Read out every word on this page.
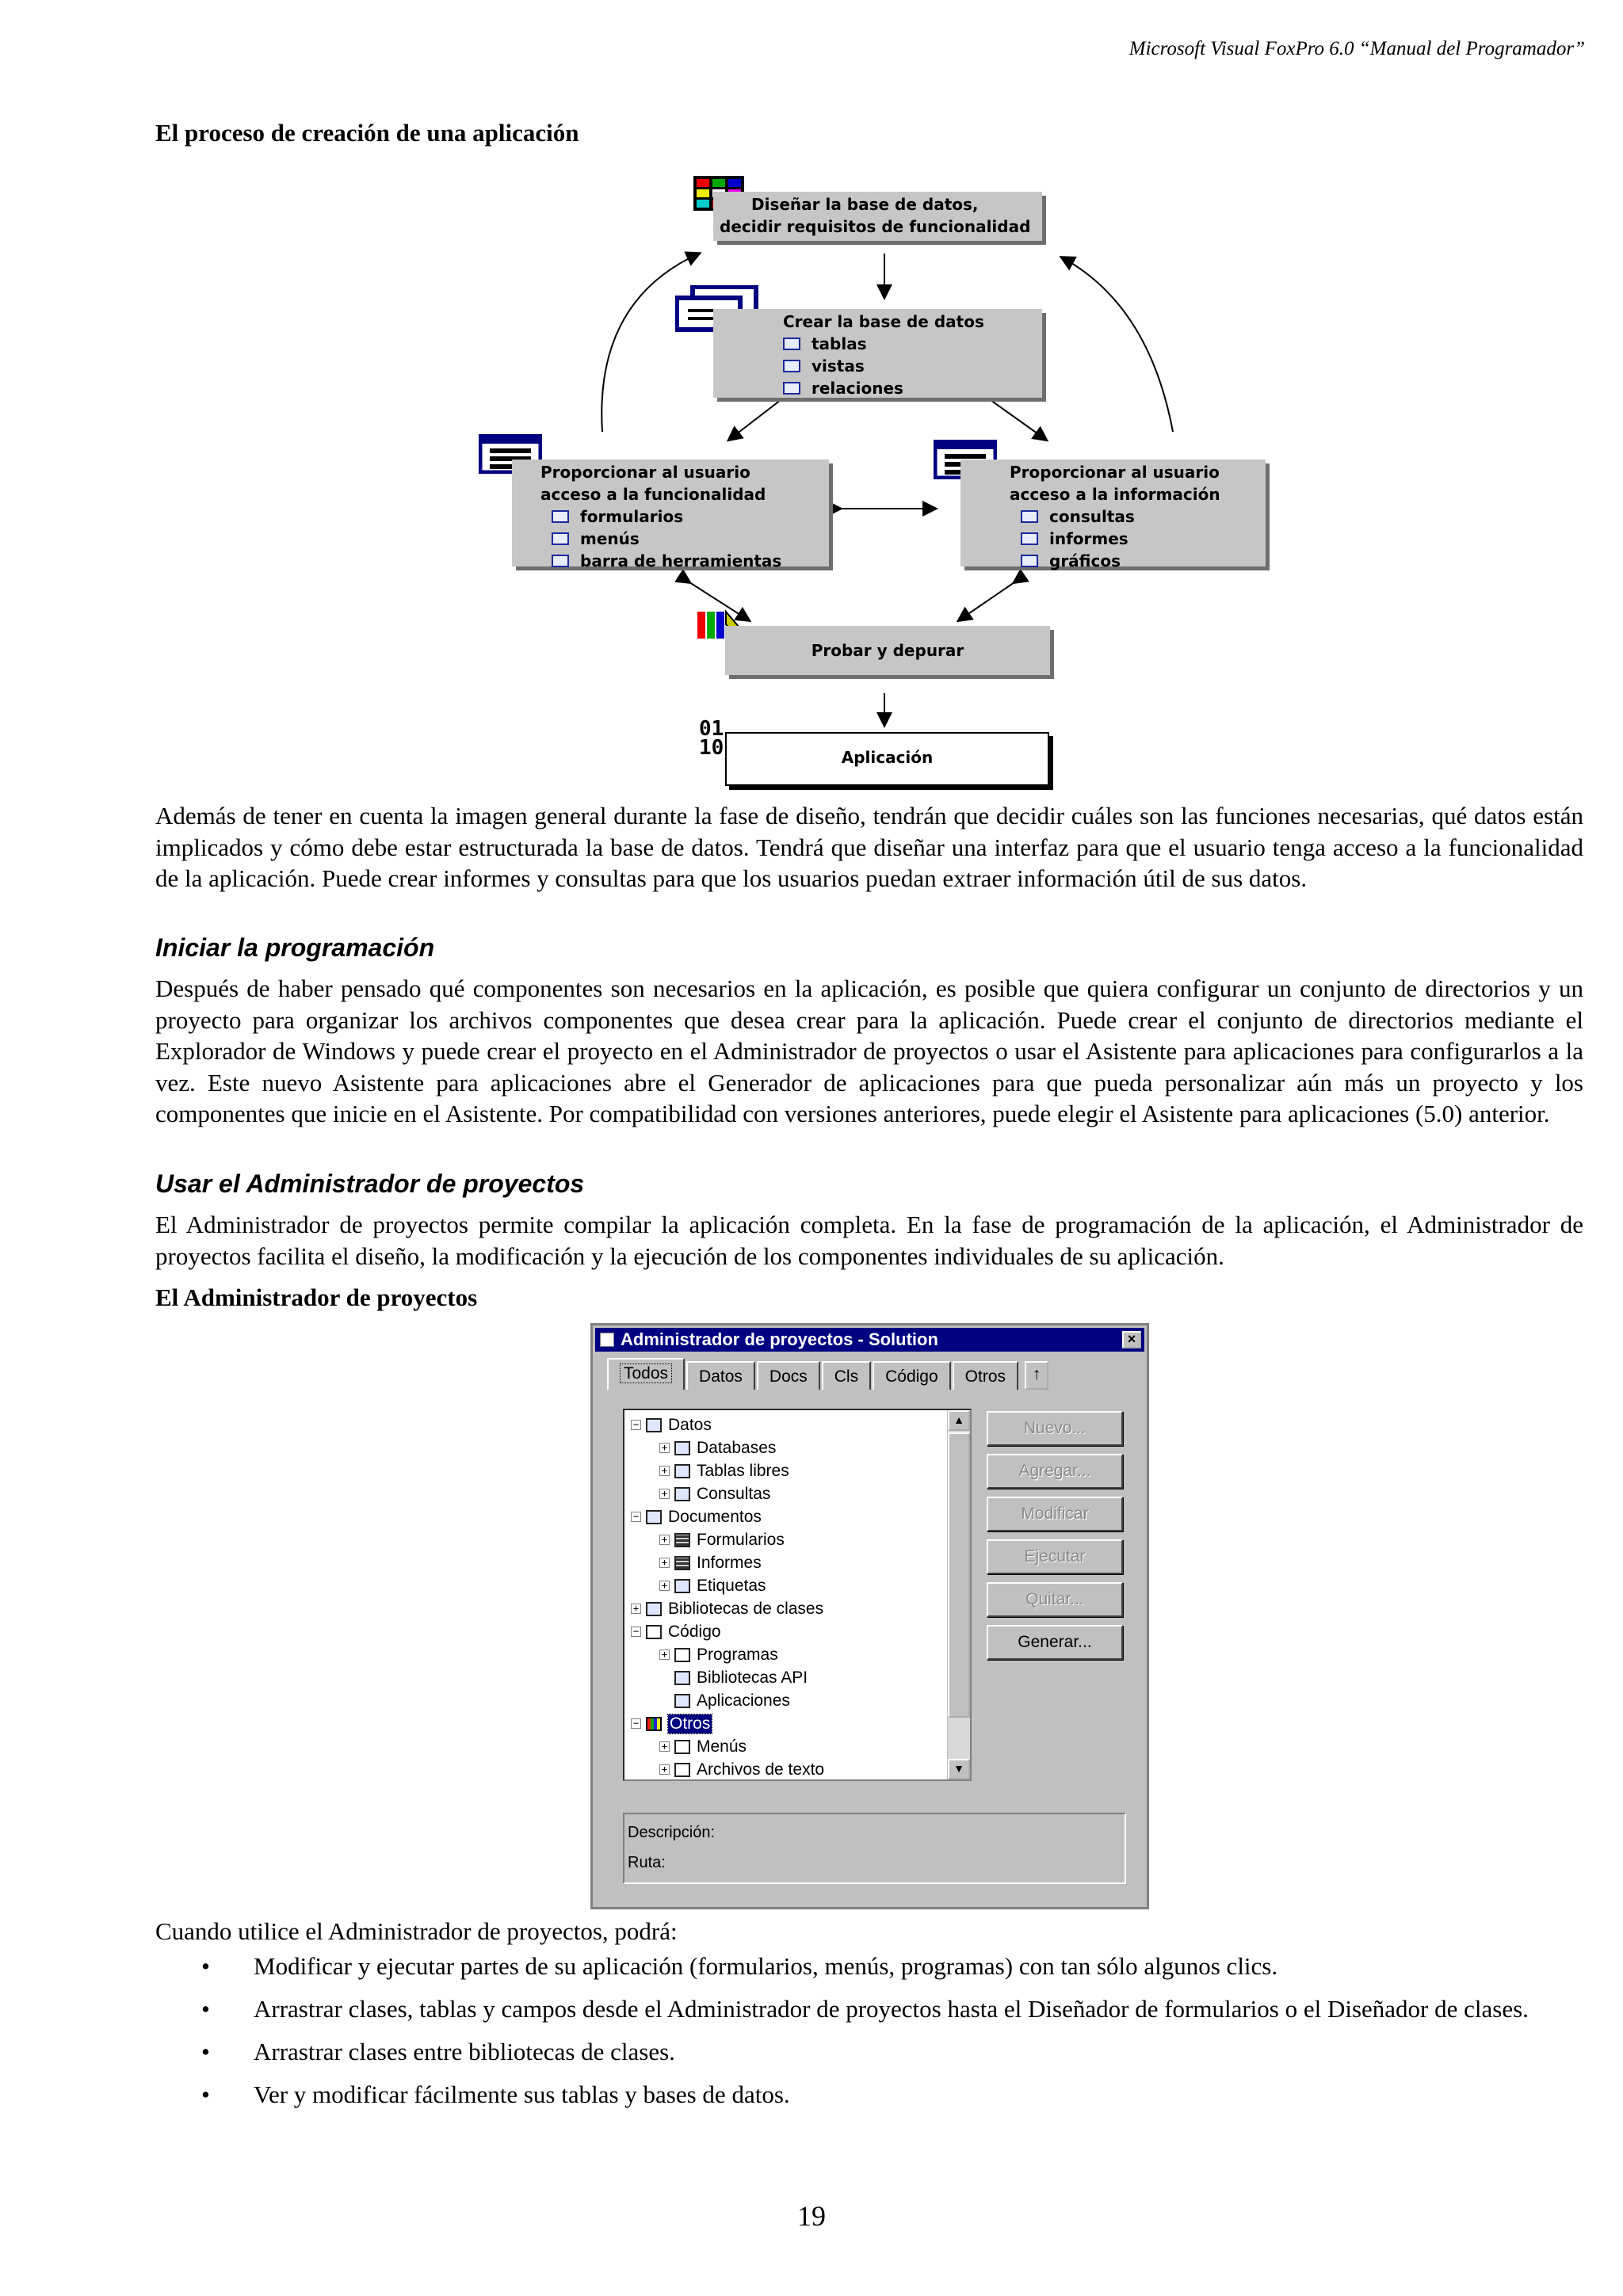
Microsoft Visual FoxPro 6.0 “Manual del Programador”
El proceso de creación de una aplicación
Diseñar la base de datos,
decidir requisitos de funcionalidad
Crear la base de datos
tablas
vistas
relaciones
Proporcionar al usuario
acceso a la funcionalidad
formularios
menús
barra de herramientas
Proporcionar al usuario
acceso a la información
consultas
informes
gráficos
Probar y depurar
01
10	Aplicación
Además de tener en cuenta la imagen general durante la fase de diseño, tendrán que decidir cuáles son las funciones necesarias, qué datos están implicados y cómo debe estar estructurada la base de datos. Tendrá que diseñar una interfaz para que el usuario tenga acceso a la funcionalidad de la aplicación. Puede crear informes y consultas para que los usuarios puedan extraer información útil de sus datos.
Iniciar la programación
Después de haber pensado qué componentes son necesarios en la aplicación, es posible que quiera configurar un conjunto de directorios y un proyecto para organizar los archivos componentes que desea crear para la aplicación. Puede crear el conjunto de directorios mediante el Explorador de Windows y puede crear el proyecto en el Administrador de proyectos o usar el Asistente para aplicaciones para configurarlos a la vez. Este nuevo Asistente para aplicaciones abre el Generador de aplicaciones para que pueda personalizar aún más un proyecto y los componentes que inicie en el Asistente. Por compatibilidad con versiones anteriores, puede elegir el Asistente para aplicaciones (5.0) anterior.
Usar el Administrador de proyectos
El Administrador de proyectos permite compilar la aplicación completa. En la fase de programación de la aplicación, el Administrador de proyectos facilita el diseño, la modificación y la ejecución de los componentes individuales de su aplicación.
El Administrador de proyectos
Administrador de proyectos - Solution	×
Todos	Datos	Docs	Cls	Código	Otros	↑
− Datos
+ Databases
+ Tablas libres
+ Consultas
− Documentos
+ Formularios
+ Informes
+ Etiquetas
+ Bibliotecas de clases
− Código
+ Programas
Bibliotecas API
Aplicaciones
− Otros
+ Menús
+ Archivos de texto
▲
▼
Nuevo...
Agregar...
Modificar
Ejecutar
Quitar...
Generar...
Descripción:
Ruta:
Cuando utilice el Administrador de proyectos, podrá:
• Modificar y ejecutar partes de su aplicación (formularios, menús, programas) con tan sólo algunos clics.
• Arrastrar clases, tablas y campos desde el Administrador de proyectos hasta el Diseñador de formularios o el Diseñador de clases.
• Arrastrar clases entre bibliotecas de clases.
• Ver y modificar fácilmente sus tablas y bases de datos.
19
